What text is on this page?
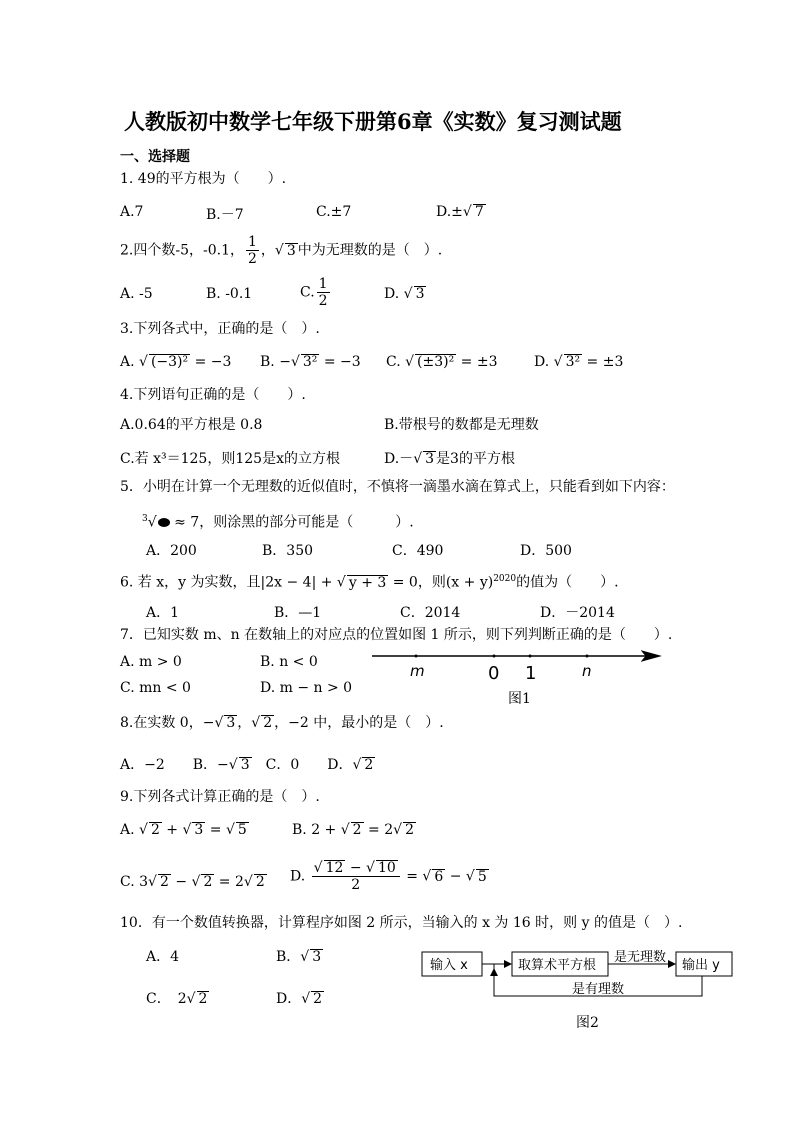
人教版初中数学七年级下册第6章《实数》复习测试题
一、选择题
1. 49的平方根为（　　）.
A.7	B.－7	C.±7	D.±√ 7
2.四个数-5，-0.1， $\frac{1}{2}$ ，√ 3 中为无理数的是（　）.
A. -5	B. -0.1	C. $\frac{1}{2}$	D. √ 3
3.下列各式中，正确的是（　）.
A. √ (−3)² = −3 B. −√ 3² = −3 C. √ (±3)² = ±3	D. √ 3² = ±3
4.下列语句正确的是（　　）.
A.0.64的平方根是 0.8	B.带根号的数都是无理数
C.若 x³＝125，则125是x的立方根	D.－√ 3 是3的平方根
5．小明在计算一个无理数的近似值时，不慎将一滴墨水滴在算式上，只能看到如下内容：
$^3$√ ≈ 7，则涂黑的部分可能是（　　　）.
A．200	B．350	C．490	D．500
6. 若 x，y 为实数，且|2x − 4| + √ y + 3 = 0，则$(x + y)^{2020}$的值为（　　）.
A．1	B．—1	C．2014	D．－2014
7．已知实数 m、n 在数轴上的对应点的位置如图 1 所示，则下列判断正确的是（　　）.
A. m > 0	B. n < 0
C. mn < 0	D. m − n > 0
m	0 1	n
图1
8.在实数 0，−√ 3 ，√ 2 ，−2 中，最小的是（　）.
A．−2　　 B．−√ 3　 C．0　　 D．√ 2
9.下列各式计算正确的是（　）.
A. √ 2 + √ 3 = √ 5	B. 2 + √ 2 = 2√ 2
C. 3√ 2 − √ 2 = 2√ 2 D. $\frac{√ 12 - √ 10}{2}$ = √ 6 − √ 5
10．有一个数值转换器，计算程序如图 2 所示，当输入的 x 为 16 时，则 y 的值是（　）.
A．4	B．√ 3
C．　2√ 2	D．√ 2
输入 x	取算术平方根
是无理数
输出 y
是有理数
图2
